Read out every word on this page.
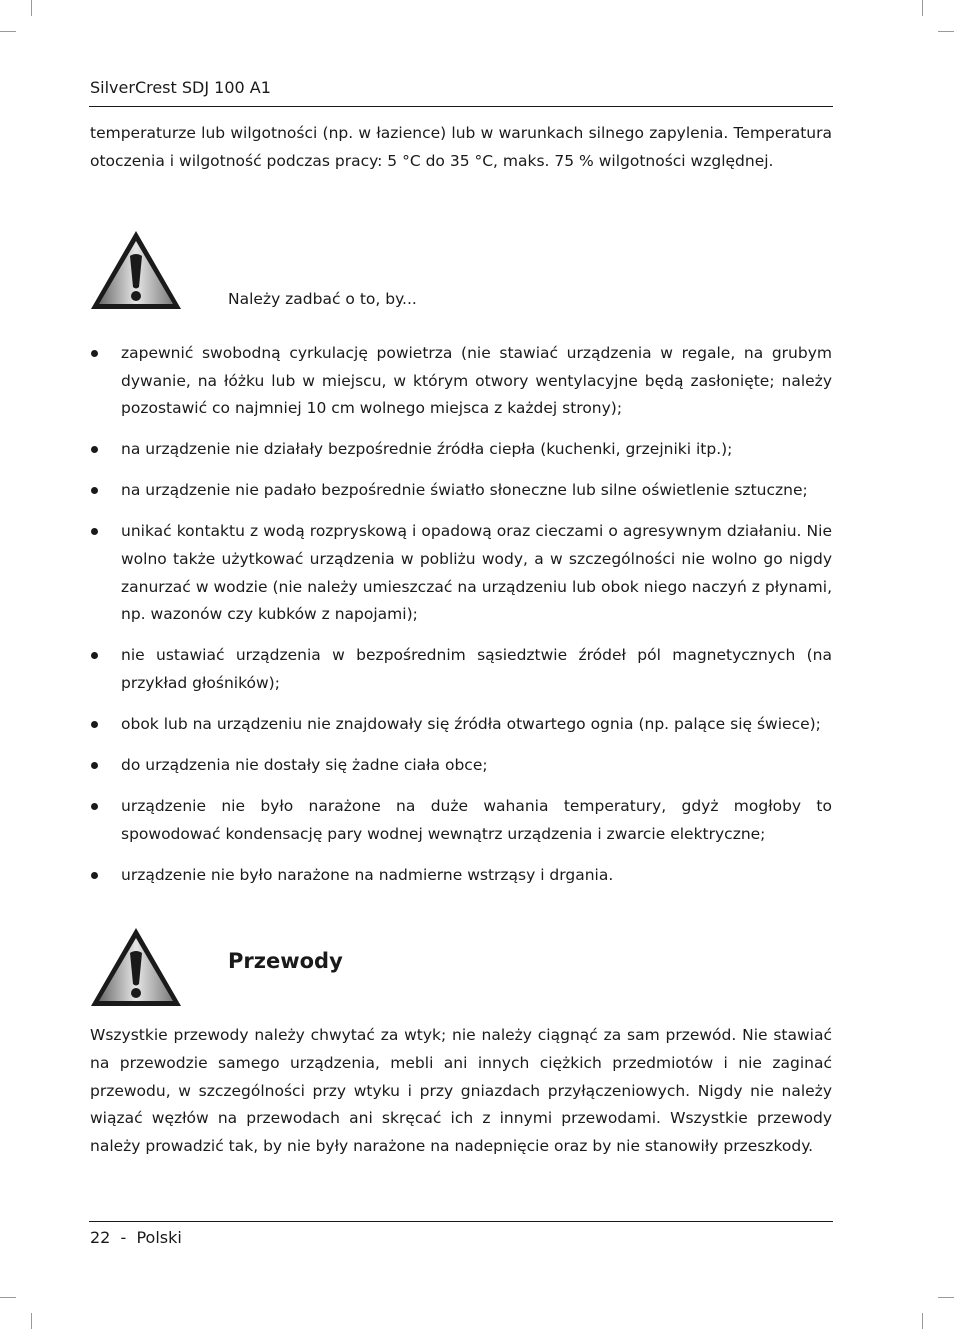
SilverCrest SDJ 100 A1

temperaturze lub wilgotności (np. w łazience) lub w warunkach silnego zapylenia. Temperatura otoczenia i wilgotność podczas pracy: 5 °C do 35 °C, maks. 75 % wilgotności względnej.

Należy zadbać o to, by...
zapewnić swobodną cyrkulację powietrza (nie stawiać urządzenia w regale, na grubym dywanie, na łóżku lub w miejscu, w którym otwory wentylacyjne będą zasłonięte; należy pozostawić co najmniej 10 cm wolnego miejsca z każdej strony);
na urządzenie nie działały bezpośrednie źródła ciepła (kuchenki, grzejniki itp.);
na urządzenie nie padało bezpośrednie światło słoneczne lub silne oświetlenie sztuczne;
unikać kontaktu z wodą rozpryskową i opadową oraz cieczami o agresywnym działaniu. Nie wolno także użytkować urządzenia w pobliżu wody, a w szczególności nie wolno go nigdy zanurzać w wodzie (nie należy umieszczać na urządzeniu lub obok niego naczyń z płynami, np. wazonów czy kubków z napojami);
nie ustawiać urządzenia w bezpośrednim sąsiedztwie źródeł pól magnetycznych (na przykład głośników);
obok lub na urządzeniu nie znajdowały się źródła otwartego ognia (np. palące się świece);
do urządzenia nie dostały się żadne ciała obce;
urządzenie nie było narażone na duże wahania temperatury, gdyż mogłoby to spowodować kondensację pary wodnej wewnątrz urządzenia i zwarcie elektryczne;
urządzenie nie było narażone na nadmierne wstrząsy i drgania.
Przewody

Wszystkie przewody należy chwytać za wtyk; nie należy ciągnąć za sam przewód. Nie stawiać na przewodzie samego urządzenia, mebli ani innych ciężkich przedmiotów i nie zaginać przewodu, w szczególności przy wtyku i przy gniazdach przyłączeniowych. Nigdy nie należy wiązać węzłów na przewodach ani skręcać ich z innymi przewodami. Wszystkie przewody należy prowadzić tak, by nie były narażone na nadepnięcie oraz by nie stanowiły przeszkody.

22  -  Polski
